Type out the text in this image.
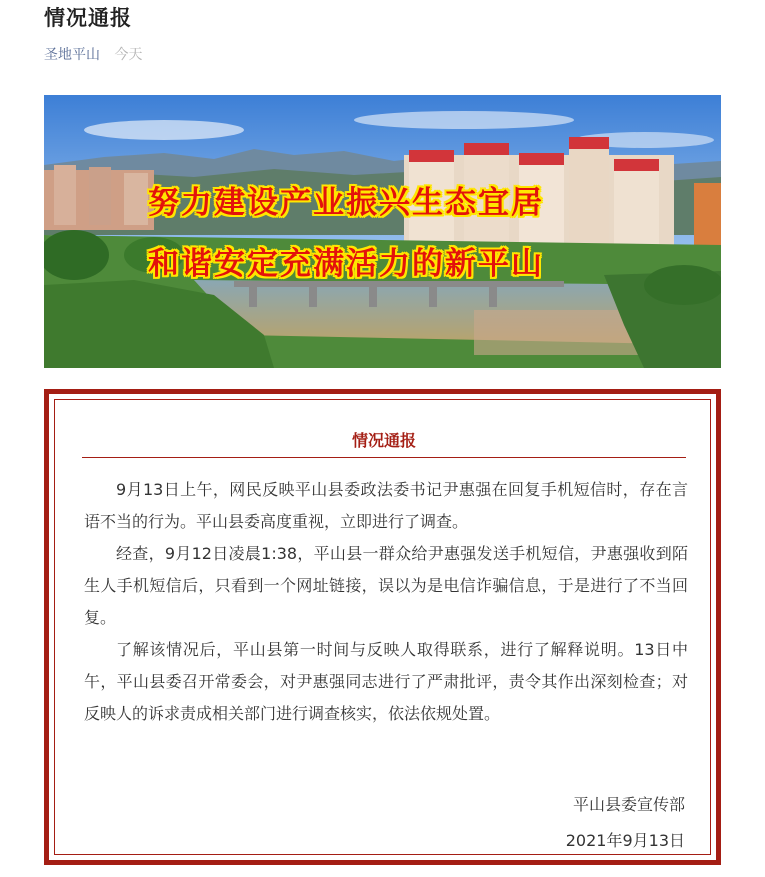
情况通报
圣地平山 今天
努力建设产业振兴生态宜居
和谐安定充满活力的新平山
情况通报

9月13日上午，网民反映平山县委政法委书记尹惠强在回复手机短信时，存在言语不当的行为。平山县委高度重视，立即进行了调查。

经查，9月12日凌晨1:38，平山县一群众给尹惠强发送手机短信，尹惠强收到陌生人手机短信后，只看到一个网址链接，误以为是电信诈骗信息，于是进行了不当回复。

了解该情况后，平山县第一时间与反映人取得联系，进行了解释说明。13日中午，平山县委召开常委会，对尹惠强同志进行了严肃批评，责令其作出深刻检查；对反映人的诉求责成相关部门进行调查核实，依法依规处置。

平山县委宣传部
2021年9月13日
